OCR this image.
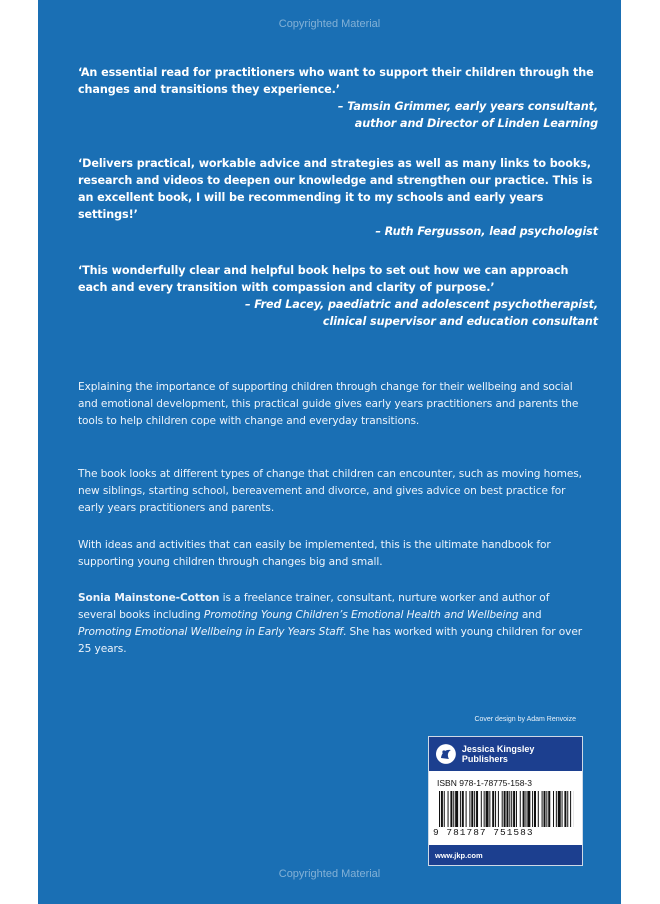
Copyrighted Material
‘An essential read for practitioners who want to support their children through the changes and transitions they experience.’
– Tamsin Grimmer, early years consultant,
author and Director of Linden Learning
‘Delivers practical, workable advice and strategies as well as many links to books, research and videos to deepen our knowledge and strengthen our practice. This is an excellent book, I will be recommending it to my schools and early years settings!’
– Ruth Fergusson, lead psychologist
‘This wonderfully clear and helpful book helps to set out how we can approach each and every transition with compassion and clarity of purpose.’
– Fred Lacey, paediatric and adolescent psychotherapist,
clinical supervisor and education consultant

Explaining the importance of supporting children through change for their wellbeing and social and emotional development, this practical guide gives early years practitioners and parents the tools to help children cope with change and everyday transitions.

The book looks at different types of change that children can encounter, such as moving homes, new siblings, starting school, bereavement and divorce, and gives advice on best practice for early years practitioners and parents.

With ideas and activities that can easily be implemented, this is the ultimate handbook for supporting young children through changes big and small.

Sonia Mainstone-Cotton is a freelance trainer, consultant, nurture worker and author of several books including Promoting Young Children’s Emotional Health and Wellbeing and Promoting Emotional Wellbeing in Early Years Staff. She has worked with young children for over 25 years.

Cover design by Adam Renvoize
Jessica Kingsley Publishers
ISBN 978-1-78775-158-3
9 781787 751583
www.jkp.com
Copyrighted Material
